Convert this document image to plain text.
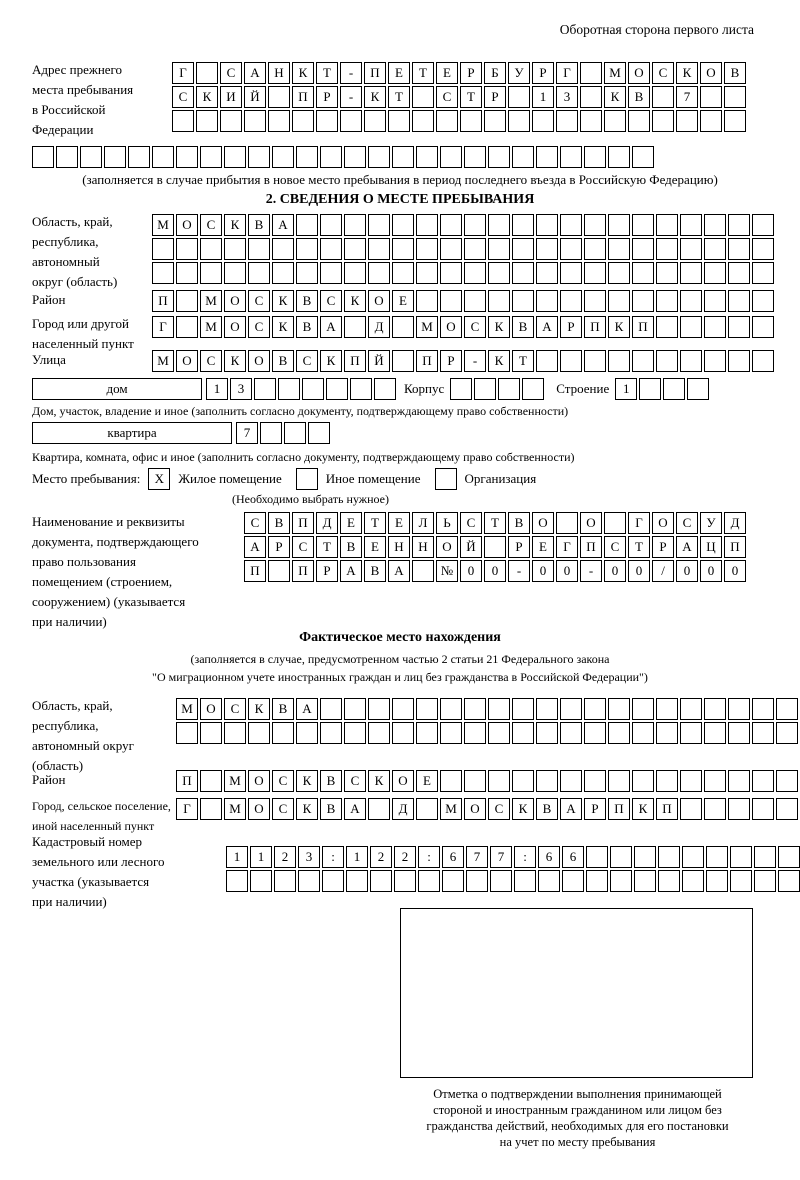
Оборотная сторона первого листа
Адрес прежнего
места пребывания
в Российской
Федерации
Г	С	А	Н	К	Т	-	П	Е	Т	Е	Р	Б	У	Р	Г	М	О	С	К	О	В
С	К	И	Й	П	Р	-	К	Т	С	Т	Р	1	3	К	В	7
(заполняется в случае прибытия в новое место пребывания в период последнего въезда в Российскую Федерацию)
2. СВЕДЕНИЯ О МЕСТЕ ПРЕБЫВАНИЯ
Область, край,
республика,
автономный
округ (область)
М	О	С	К	В	А
Район	П	М	О	С	К	В	С	К	О	Е
Город или другой
населенный пункт
Г	М	О	С	К	В	А	Д	М	О	С	К	В	А	Р	П	К	П
Улица	М	О	С	К	О	В	С	К	П	Й	П	Р	-	К	Т
дом	1	3	Корпус	Строение	1
Дом, участок, владение и иное (заполнить согласно документу, подтверждающему право собственности)
квартира	7
Квартира, комната, офис и иное (заполнить согласно документу, подтверждающему право собственности)
Место пребывания:	X	Жилое помещение	Иное помещение	Организация
(Необходимо выбрать нужное)
Наименование и реквизиты
документа, подтверждающего
право пользования
помещением (строением,
сооружением) (указывается
при наличии)
С	В	П	Д	Е	Т	Е	Л	Ь	С	Т	В	О	О	Г	О	С	У	Д
А	Р	С	Т	В	Е	Н	Н	О	Й	Р	Е	Г	П	С	Т	Р	А	Ц	П
П	П	Р	А	В	А	№	0	0	-	0	0	-	0	0	/	0	0	0
Фактическое место нахождения
(заполняется в случае, предусмотренном частью 2 статьи 21 Федерального закона
"О миграционном учете иностранных граждан и лиц без гражданства в Российской Федерации")
Область, край,
республика,
автономный округ
(область)
М	О	С	К	В	А
Район	П	М	О	С	К	В	С	К	О	Е
Город, сельское поселение,
иной населенный пункт
Г	М	О	С	К	В	А	Д	М	О	С	К	В	А	Р	П	К	П
Кадастровый номер
земельного или лесного
участка (указывается
при наличии)
1	1	2	3	:	1	2	2	:	6	7	7	:	6	6
Отметка о подтверждении выполнения принимающей
стороной и иностранным гражданином или лицом без
гражданства действий, необходимых для его постановки
на учет по месту пребывания
